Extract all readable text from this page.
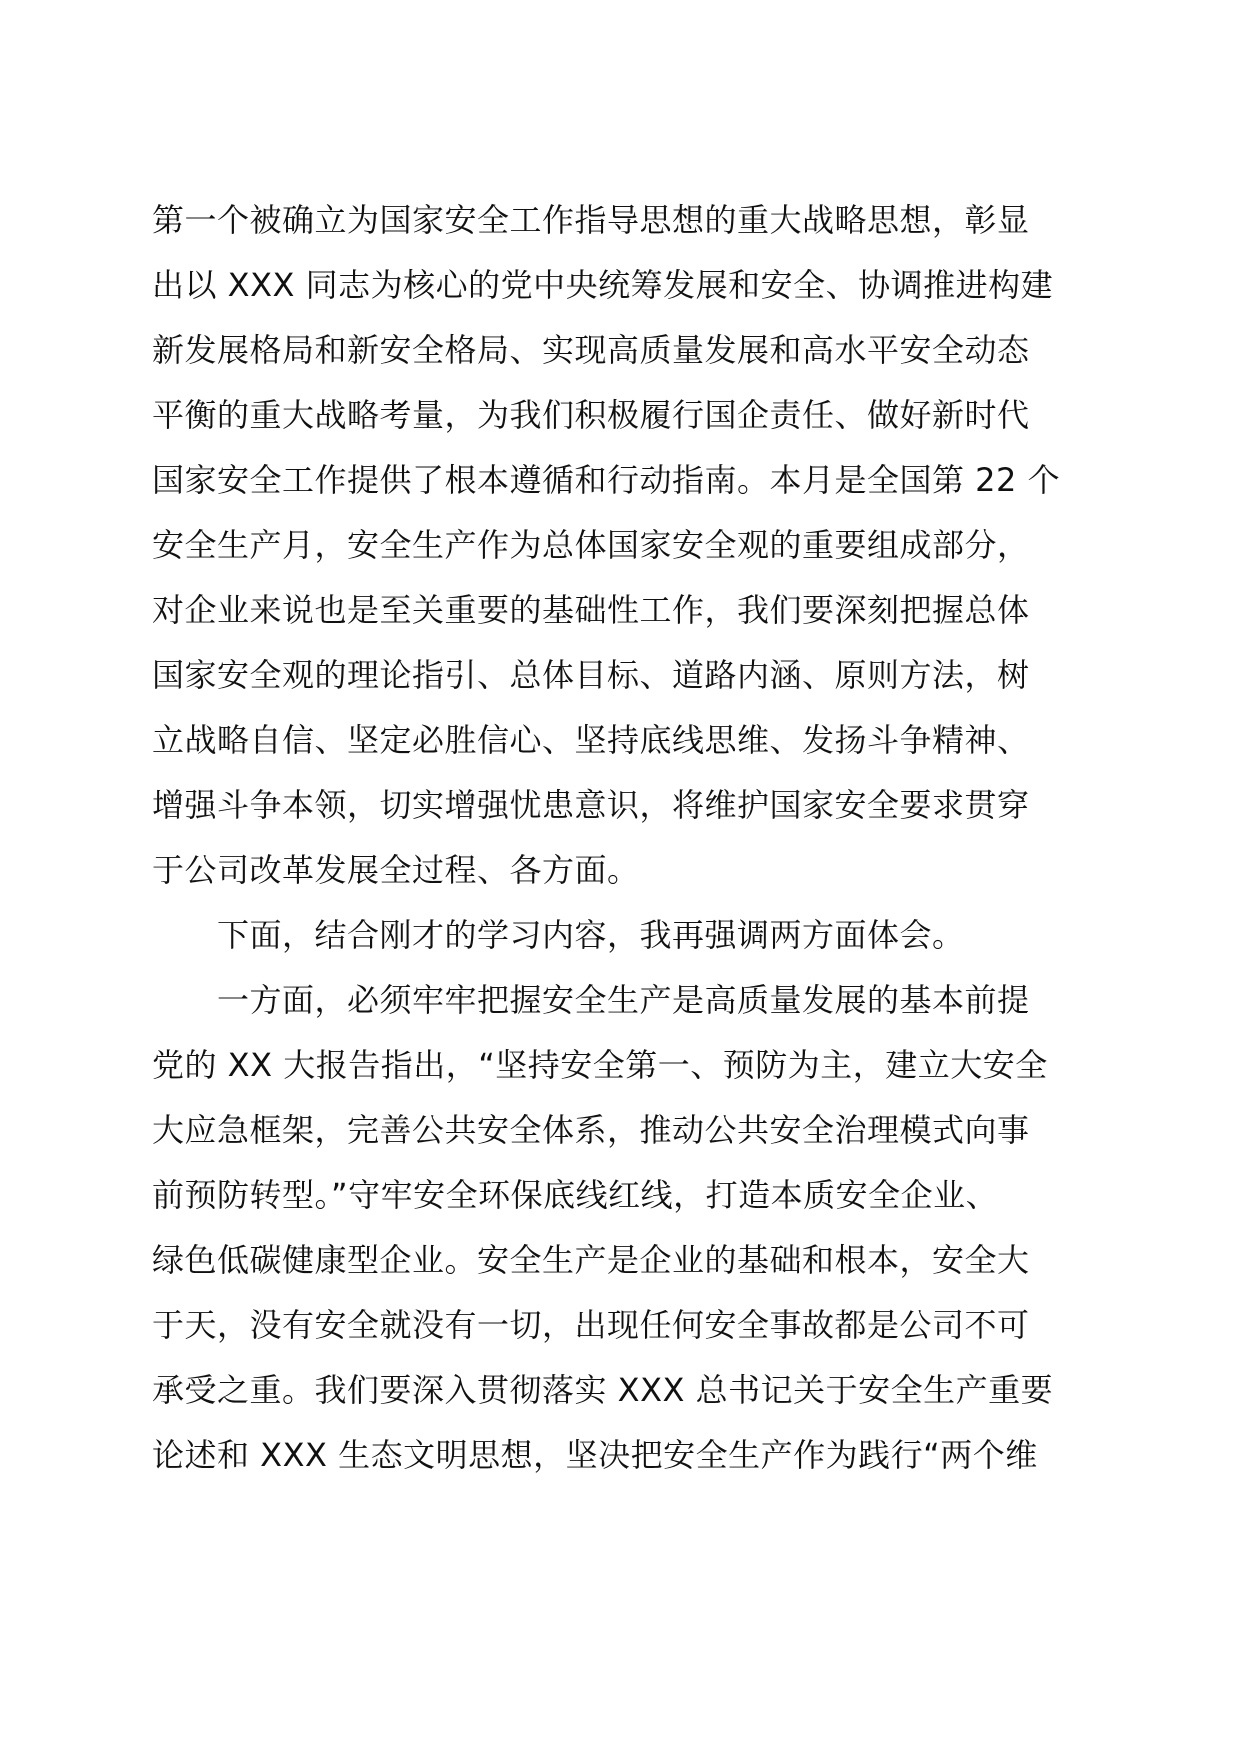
第一个被确立为国家安全工作指导思想的重大战略思想，彰显
出以 XXX 同志为核心的党中央统筹发展和安全、协调推进构建
新发展格局和新安全格局、实现高质量发展和高水平安全动态
平衡的重大战略考量，为我们积极履行国企责任、做好新时代
国家安全工作提供了根本遵循和行动指南。本月是全国第 22 个
安全生产月，安全生产作为总体国家安全观的重要组成部分，
对企业来说也是至关重要的基础性工作，我们要深刻把握总体
国家安全观的理论指引、总体目标、道路内涵、原则方法，树
立战略自信、坚定必胜信心、坚持底线思维、发扬斗争精神、
增强斗争本领，切实增强忧患意识，将维护国家安全要求贯穿
于公司改革发展全过程、各方面。
　　下面，结合刚才的学习内容，我再强调两方面体会。
　　一方面，必须牢牢把握安全生产是高质量发展的基本前提
党的 XX 大报告指出，“坚持安全第一、预防为主，建立大安全
大应急框架，完善公共安全体系，推动公共安全治理模式向事
前预防转型。”守牢安全环保底线红线，打造本质安全企业、
绿色低碳健康型企业。安全生产是企业的基础和根本，安全大
于天，没有安全就没有一切，出现任何安全事故都是公司不可
承受之重。我们要深入贯彻落实 XXX 总书记关于安全生产重要
论述和 XXX 生态文明思想，坚决把安全生产作为践行“两个维
